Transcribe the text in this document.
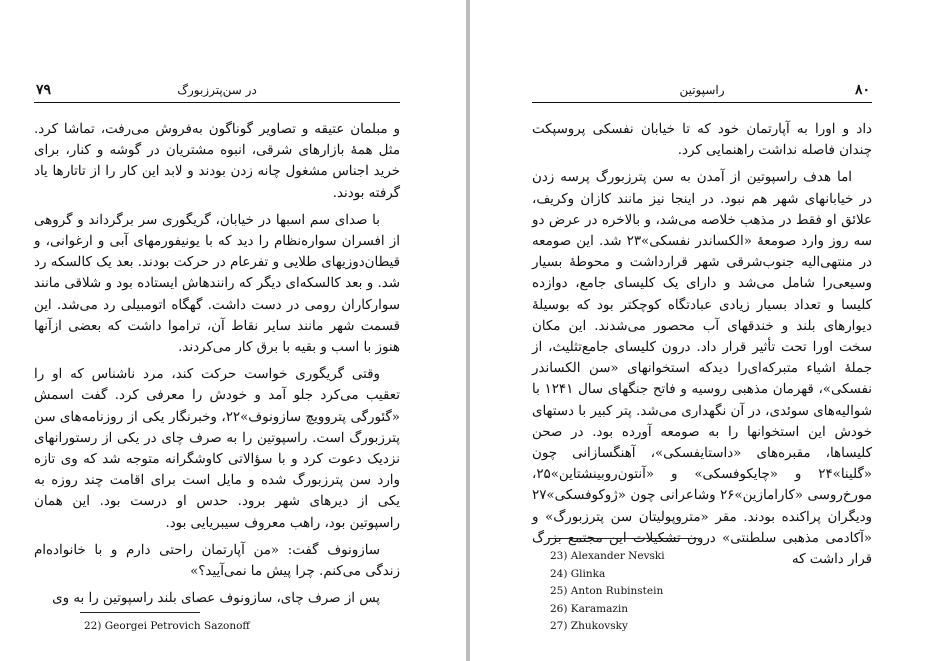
۷۹	در سن‌پترزبورگ

و مبلمان عتیقه و تصاویر گوناگون به‌فروش می‌رفت، تماشا کرد. مثل همهٔ بازارهای شرقی، انبوه مشتریان در گوشه و کنار، برای خرید اجناس مشغول چانه زدن بودند و لابد این کار را از تاتارها یاد گرفته بودند.

با صدای سم اسبها در خیابان، گریگوری سر برگرداند و گروهی از افسران سواره‌نظام را دید که با یونیفورمهای آبی و ارغوانی، و قیطان‌دوزیهای طلایی و تفرعام در حرکت بودند. بعد یک کالسکه رد شد. و بعد کالسکه‌ای دیگر که رانندهاش ایستاده بود و شلاقی مانند سوارکاران رومی در دست داشت. گهگاه اتومبیلی رد می‌شد. این قسمت شهر مانند سایر نقاط آن، تراموا داشت که بعضی ازآنها هنوز با اسب و بقیه با برق کار می‌کردند.

وقتی گریگوری خواست حرکت کند، مرد ناشناس که او را تعقیب می‌کرد جلو آمد و خودش را معرفی کرد. گفت اسمش «گئورگی پتروویچ سازونوف»۲۲، وخبرنگار یکی از روزنامه‌های سن پترزبورگ است. راسپوتین را به صرف چای در یکی از رستورانهای نزدیک دعوت کرد و با سؤالاتی کاوشگرانه متوجه شد که وی تازه وارد سن پترزبورگ شده و مایل است برای اقامت چند روزه به یکی از دیرهای شهر برود. حدس او درست بود. این همان راسپوتین بود، راهب معروف سیبریایی بود.

سازونوف گفت: «من آپارتمان راحتی دارم و با خانواده‌ام زندگی می‌کنم. چرا پیش ما نمی‌آیید؟»

پس از صرف چای، سازونوف عصای بلند راسپوتین را به وی

22) Georgei Petrovich Sazonoff
راسپوتین	۸۰

داد و اورا به آپارتمان خود که تا خیابان نفسکی پروسپکت چندان فاصله نداشت راهنمایی کرد.

اما هدف راسپوتین از آمدن به سن پترزبورگ پرسه زدن در خیابانهای شهر هم نبود. در اینجا نیز مانند کازان وکریف، علائق او فقط در مذهب خلاصه می‌شد، و بالاخره در عرض دو سه روز وارد صومعهٔ «الکساندر نفسکی»۲۳ شد. این صومعه در منتهی‌الیه جنوب‌شرقی شهر قرارداشت و محوطهٔ بسیار وسیعی‌را شامل می‌شد و دارای یک کلیسای جامع، دوازده کلیسا و تعداد بسیار زیادی عبادتگاه کوچکتر بود که بوسیلهٔ دیوارهای بلند و خندقهای آب محصور می‌شدند. این مکان سخت اورا تحت تأثیر قرار داد. درون کلیسای جامع‌تثلیث، از جملهٔ اشیاء متبرکه‌ای‌را دیدکه استخوانهای «سن الکساندر نفسکی»، قهرمان مذهبی روسیه و فاتح جنگهای سال ۱۲۴۱ با شوالیه‌های سوئدی، در آن نگهداری می‌شد. پتر کبیر با دستهای خودش این استخوانها را به صومعه آورده بود. در صحن کلیساها، مقبره‌های «داستایفسکی»، آهنگسازانی چون «گلینا»۲۴ و «چایکوفسکی» و «آنتون‌روبینشتاین»۲۵، مورخ‌روسی «کارامازین»۲۶ وشاعرانی چون «ژوکوفسکی»۲۷ ودیگران پراکنده بودند. مقر «متروپولیتان سن پترزبورگ» و «آکادمی مذهبی سلطنتی» درون تشکیلات این مجتمع بزرگ قرار داشت که

23) Alexander Nevski
24) Glinka
25) Anton Rubinstein
26) Karamazin
27) Zhukovsky
